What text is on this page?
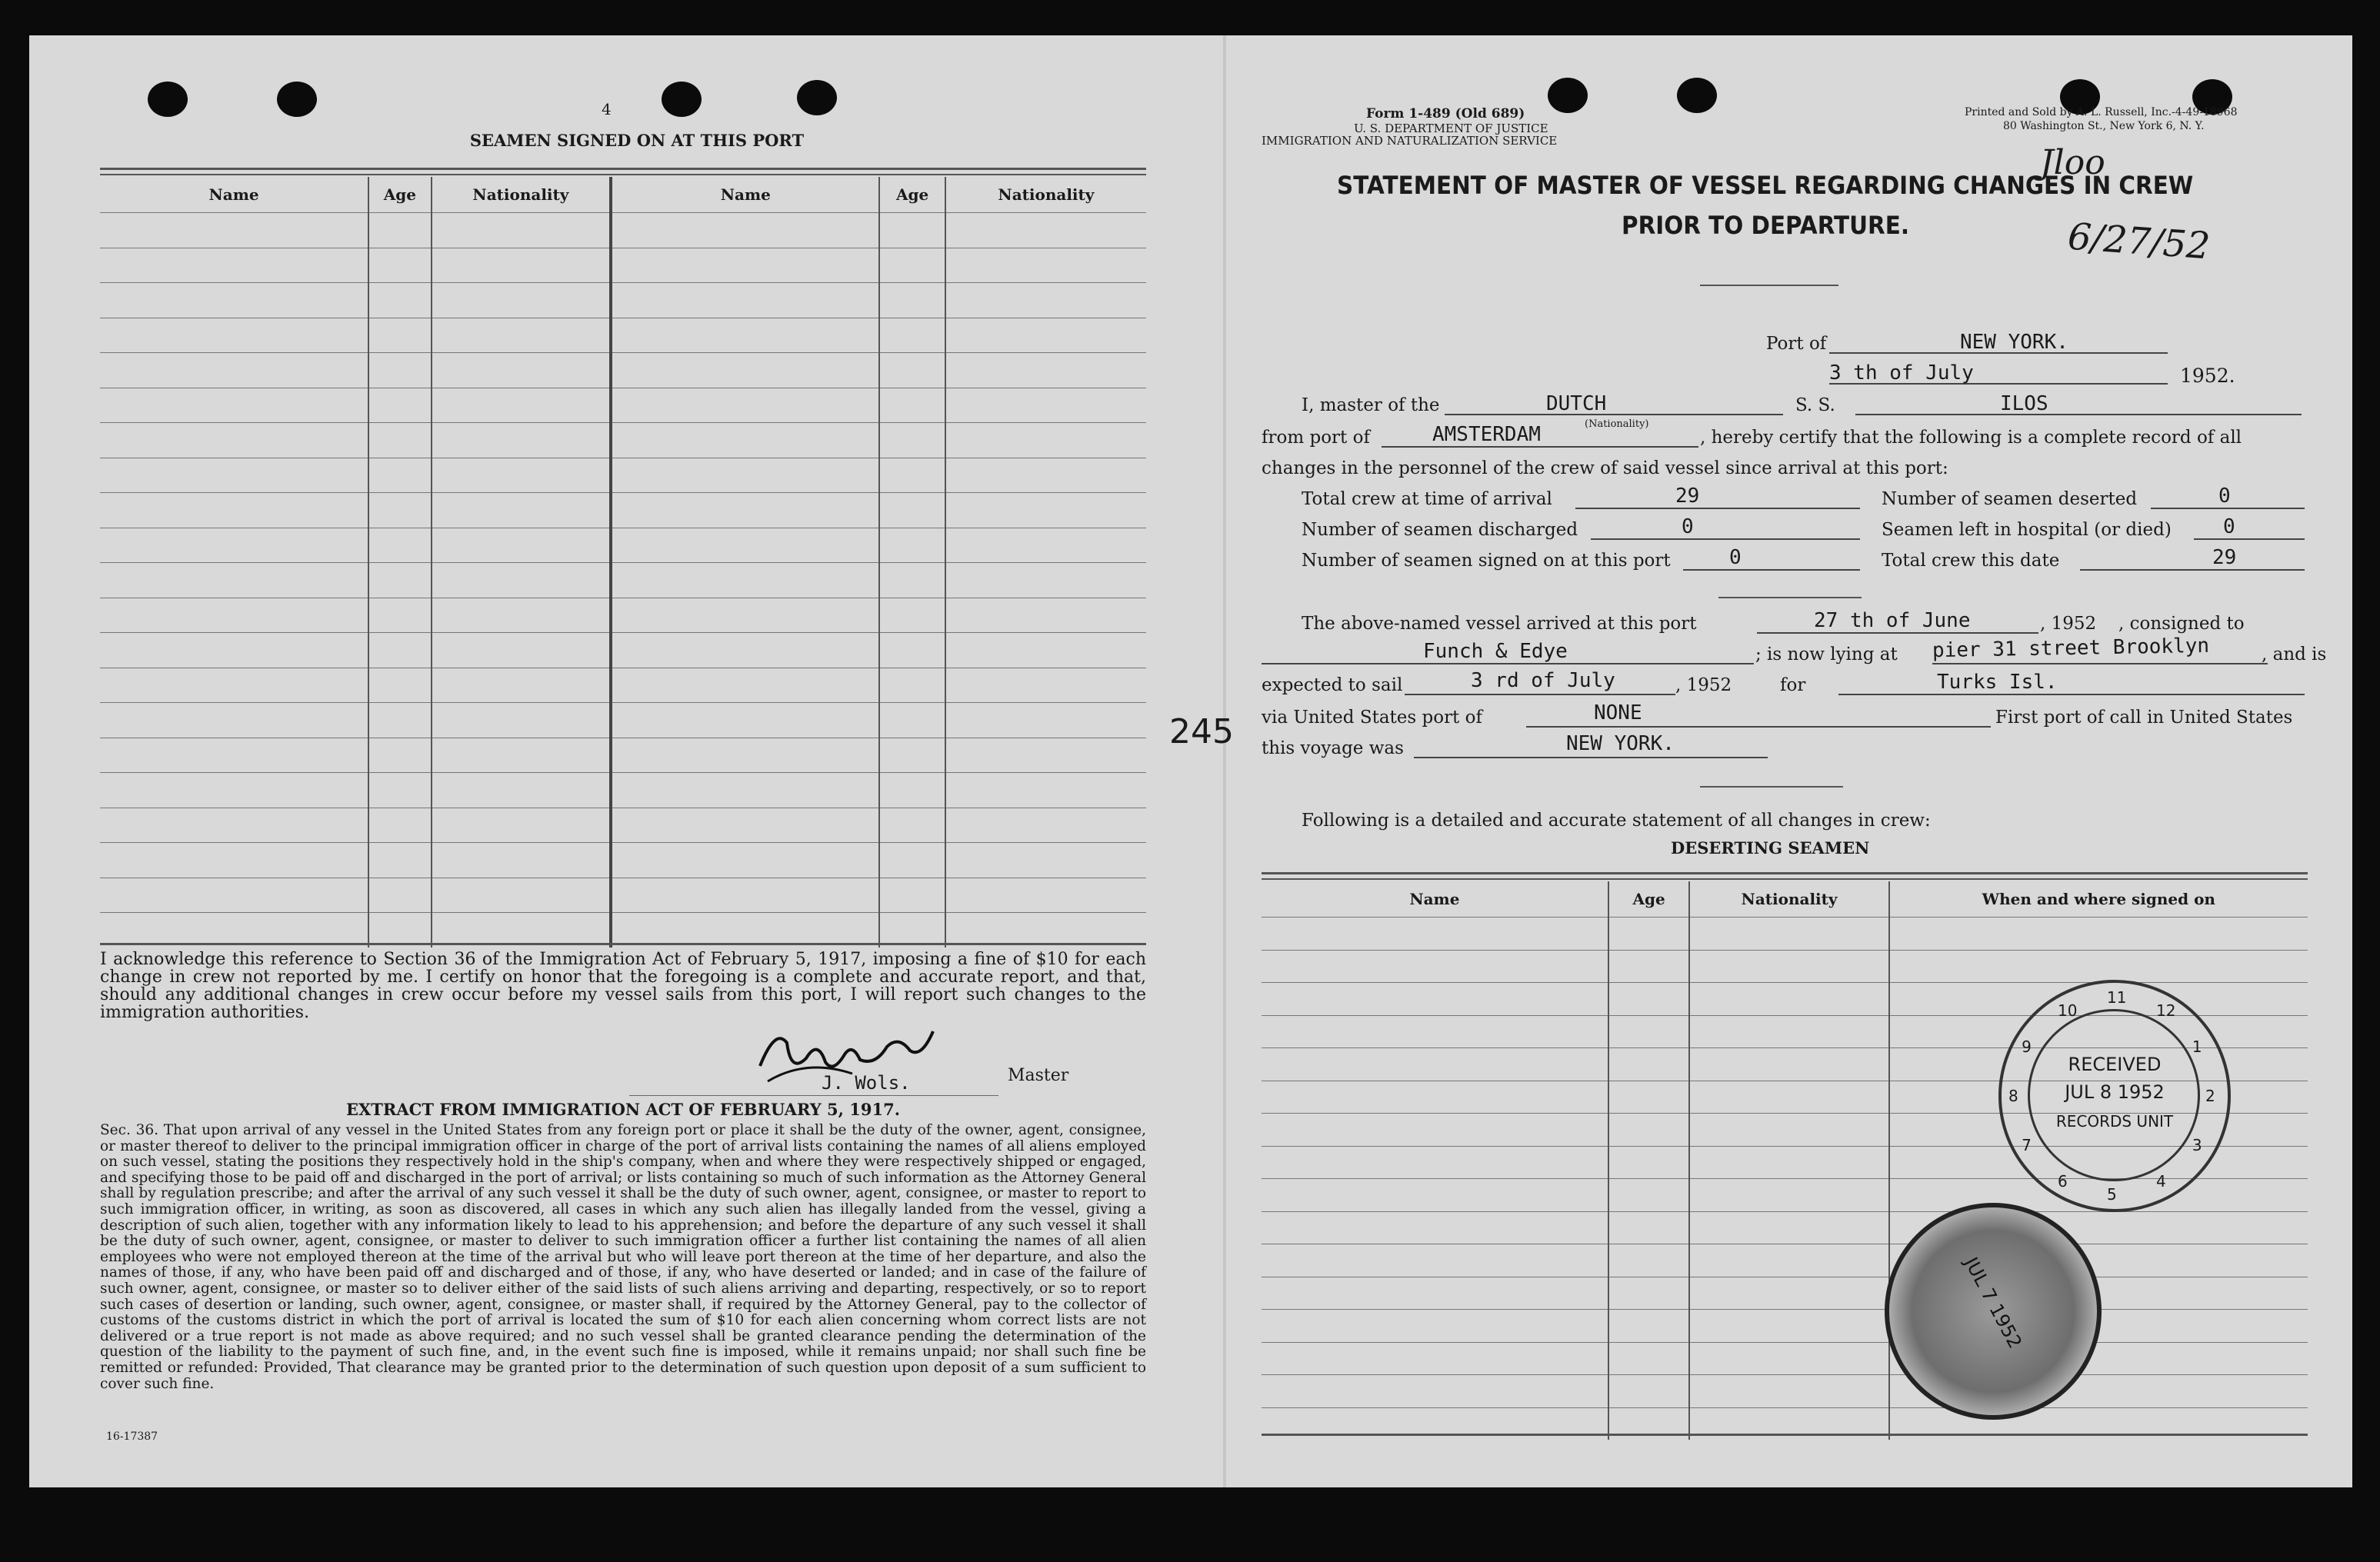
4
SEAMEN SIGNED ON AT THIS PORT
Name	Age	Nationality	Name	Age	Nationality

I acknowledge this reference to Section 36 of the Immigration Act of February 5, 1917, imposing a fine of $10 for each change in crew not reported by me. I certify on honor that the foregoing is a complete and accurate report, and that, should any additional changes in crew occur before my vessel sails from this port, I will report such changes to the immigration authorities.
J. Wols.	Master
EXTRACT FROM IMMIGRATION ACT OF FEBRUARY 5, 1917.
Sec. 36. That upon arrival of any vessel in the United States from any foreign port or place it shall be the duty of the owner, agent, consignee, or master thereof to deliver to the principal immigration officer in charge of the port of arrival lists containing the names of all aliens employed on such vessel, stating the positions they respectively hold in the ship's company, when and where they were respectively shipped or engaged, and specifying those to be paid off and discharged in the port of arrival; or lists containing so much of such information as the Attorney General shall by regulation prescribe; and after the arrival of any such vessel it shall be the duty of such owner, agent, consignee, or master to report to such immigration officer, in writing, as soon as discovered, all cases in which any such alien has illegally landed from the vessel, giving a description of such alien, together with any information likely to lead to his apprehension; and before the departure of any such vessel it shall be the duty of such owner, agent, consignee, or master to deliver to such immigration officer a further list containing the names of all alien employees who were not employed thereon at the time of the arrival but who will leave port thereon at the time of her departure, and also the names of those, if any, who have been paid off and discharged and of those, if any, who have deserted or landed; and in case of the failure of such owner, agent, consignee, or master so to deliver either of the said lists of such aliens arriving and departing, respectively, or so to report such cases of desertion or landing, such owner, agent, consignee, or master shall, if required by the Attorney General, pay to the collector of customs of the customs district in which the port of arrival is located the sum of $10 for each alien concerning whom correct lists are not delivered or a true report is not made as above required; and no such vessel shall be granted clearance pending the determination of the question of the liability to the payment of such fine, and, in the event such fine is imposed, while it remains unpaid; nor shall such fine be remitted or refunded: Provided, That clearance may be granted prior to the determination of such question upon deposit of a sum sufficient to cover such fine.
16-17387
245
Form 1-489 (Old 689)
U. S. DEPARTMENT OF JUSTICE
IMMIGRATION AND NATURALIZATION SERVICE
Printed and Sold by A. L. Russell, Inc.-4-49-18968
80 Washington St., New York 6, N. Y.
Jloo
6/27/52
STATEMENT OF MASTER OF VESSEL REGARDING CHANGES IN CREW
PRIOR TO DEPARTURE.
Port of	NEW YORK.
3 th of July	1952.
I, master of the	DUTCH
(Nationality)
S. S.	ILOS
from port of	AMSTERDAM	, hereby certify that the following is a complete record of all
changes in the personnel of the crew of said vessel since arrival at this port:
Total crew at time of arrival	29	Number of seamen deserted	0
Number of seamen discharged	0	Seamen left in hospital (or died)	0
Number of seamen signed on at this port	0	Total crew this date	29
The above-named vessel arrived at this port	27 th of June	, 1952 , consigned to
Funch & Edye	; is now lying at pier 31 street Brooklyn	, and is
expected to sail	3 rd of July	, 1952	for	Turks Isl.
via United States port of	NONE	First port of call in United States
this voyage was	NEW YORK.
Following is a detailed and accurate statement of all changes in crew:
DESERTING SEAMEN
Name	Age	Nationality	When and where signed on

1
2
3
4
5
6
7
8
9
10
11
12
RECEIVED
JUL 8 1952
RECORDS UNIT
JUL 7 1952
